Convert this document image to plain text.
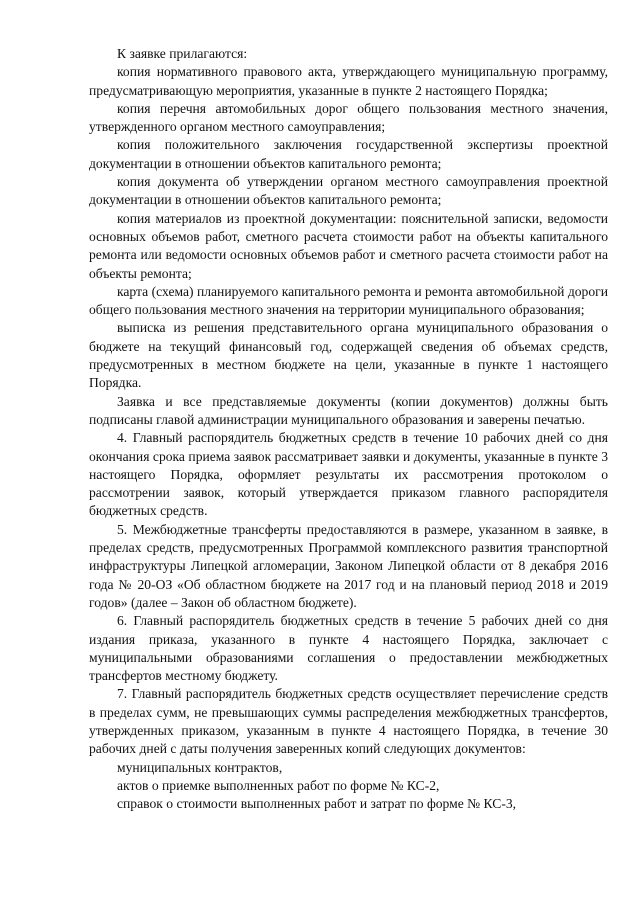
К заявке прилагаются:

копия нормативного правового акта, утверждающего муниципальную программу, предусматривающую мероприятия, указанные в пункте 2 настоящего Порядка;

копия перечня автомобильных дорог общего пользования местного значения, утвержденного органом местного самоуправления;

копия положительного заключения государственной экспертизы проектной документации в отношении объектов капитального ремонта;

копия документа об утверждении органом местного самоуправления проектной документации в отношении объектов капитального ремонта;

копия материалов из проектной документации: пояснительной записки, ведомости основных объемов работ, сметного расчета стоимости работ на объекты капитального ремонта или ведомости основных объемов работ и сметного расчета стоимости работ на объекты ремонта;

карта (схема) планируемого капитального ремонта и ремонта автомобильной дороги общего пользования местного значения на территории муниципального образования;

выписка из решения представительного органа муниципального образования о бюджете на текущий финансовый год, содержащей сведения об объемах средств, предусмотренных в местном бюджете на цели, указанные в пункте 1 настоящего Порядка.

Заявка и все представляемые документы (копии документов) должны быть подписаны главой администрации муниципального образования и заверены печатью.

4. Главный распорядитель бюджетных средств в течение 10 рабочих дней со дня окончания срока приема заявок рассматривает заявки и документы, указанные в пункте 3 настоящего Порядка, оформляет результаты их рассмотрения протоколом о рассмотрении заявок, который утверждается приказом главного распорядителя бюджетных средств.

5. Межбюджетные трансферты предоставляются в размере, указанном в заявке, в пределах средств, предусмотренных Программой комплексного развития транспортной инфраструктуры Липецкой агломерации, Законом Липецкой области от 8 декабря 2016 года № 20-ОЗ «Об областном бюджете на 2017 год и на плановый период 2018 и 2019 годов» (далее – Закон об областном бюджете).

6. Главный распорядитель бюджетных средств в течение 5 рабочих дней со дня издания приказа, указанного в пункте 4 настоящего Порядка, заключает с муниципальными образованиями соглашения о предоставлении межбюджетных трансфертов местному бюджету.

7. Главный распорядитель бюджетных средств осуществляет перечисление средств в пределах сумм, не превышающих суммы распределения межбюджетных трансфертов, утвержденных приказом, указанным в пункте 4 настоящего Порядка, в течение 30 рабочих дней с даты получения заверенных копий следующих документов:

муниципальных контрактов,

актов о приемке выполненных работ по форме № КС-2,

справок о стоимости выполненных работ и затрат по форме № КС-3,
